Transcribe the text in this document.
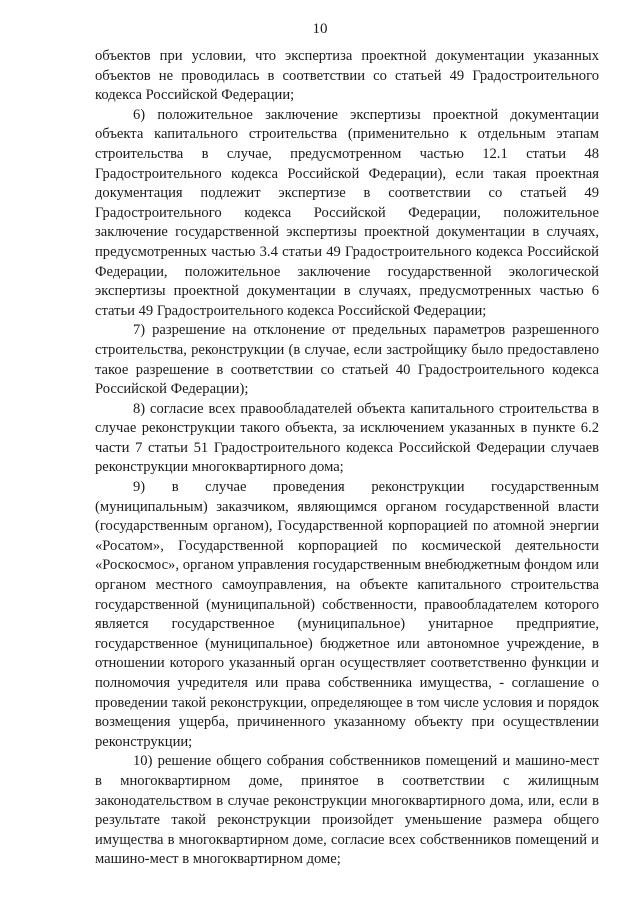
10

объектов при условии, что экспертиза проектной документации указанных объектов не проводилась в соответствии со статьей 49 Градостроительного кодекса Российской Федерации;

6) положительное заключение экспертизы проектной документации объекта капитального строительства (применительно к отдельным этапам строительства в случае, предусмотренном частью 12.1 статьи 48 Градостроительного кодекса Российской Федерации), если такая проектная документация подлежит экспертизе в соответствии со статьей 49 Градостроительного кодекса Российской Федерации, положительное заключение государственной экспертизы проектной документации в случаях, предусмотренных частью 3.4 статьи 49 Градостроительного кодекса Российской Федерации, положительное заключение государственной экологической экспертизы проектной документации в случаях, предусмотренных частью 6 статьи 49 Градостроительного кодекса Российской Федерации;

7) разрешение на отклонение от предельных параметров разрешенного строительства, реконструкции (в случае, если застройщику было предоставлено такое разрешение в соответствии со статьей 40 Градостроительного кодекса Российской Федерации);

8) согласие всех правообладателей объекта капитального строительства в случае реконструкции такого объекта, за исключением указанных в пункте 6.2 части 7 статьи 51 Градостроительного кодекса Российской Федерации случаев реконструкции многоквартирного дома;

9) в случае проведения реконструкции государственным (муниципальным) заказчиком, являющимся органом государственной власти (государственным органом), Государственной корпорацией по атомной энергии «Росатом», Государственной корпорацией по космической деятельности «Роскосмос», органом управления государственным внебюджетным фондом или органом местного самоуправления, на объекте капитального строительства государственной (муниципальной) собственности, правообладателем которого является государственное (муниципальное) унитарное предприятие, государственное (муниципальное) бюджетное или автономное учреждение, в отношении которого указанный орган осуществляет соответственно функции и полномочия учредителя или права собственника имущества, - соглашение о проведении такой реконструкции, определяющее в том числе условия и порядок возмещения ущерба, причиненного указанному объекту при осуществлении реконструкции;

10) решение общего собрания собственников помещений и машино-мест в многоквартирном доме, принятое в соответствии с жилищным законодательством в случае реконструкции многоквартирного дома, или, если в результате такой реконструкции произойдет уменьшение размера общего имущества в многоквартирном доме, согласие всех собственников помещений и машино-мест в многоквартирном доме;
